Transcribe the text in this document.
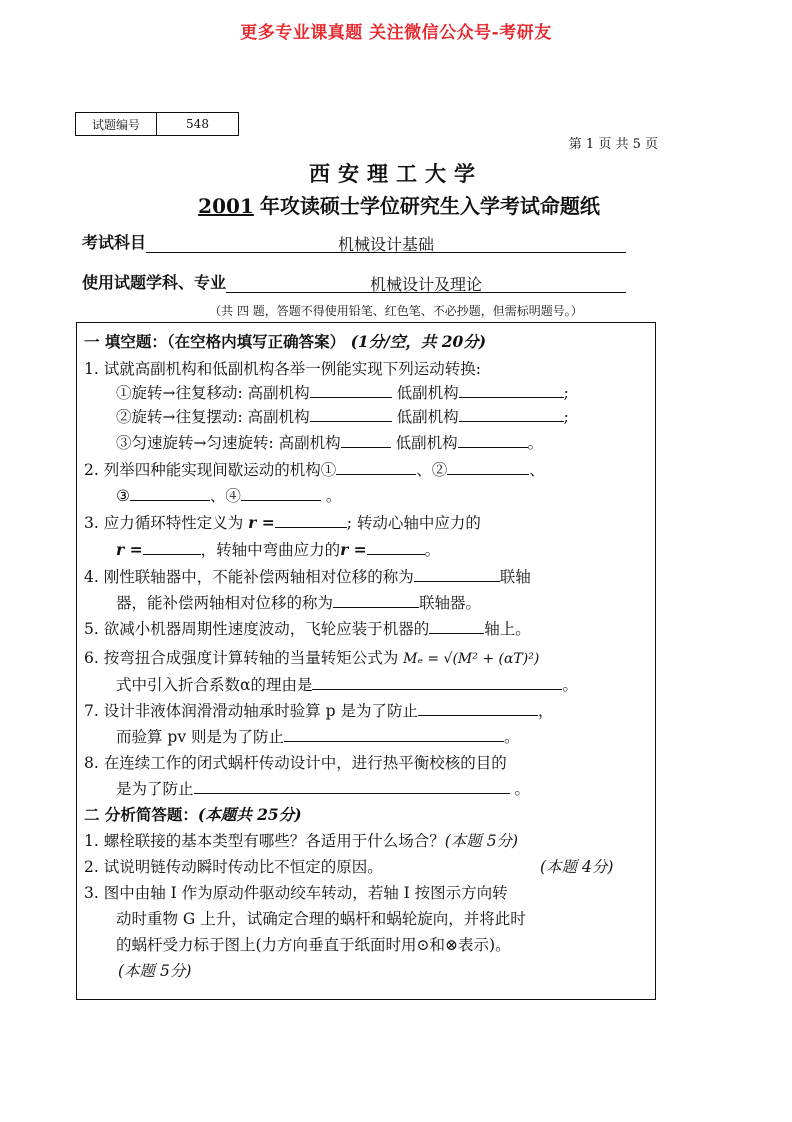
更多专业课真题 关注微信公众号-考研友
试题编号	548
第 1 页 共 5 页
西安理工大学
2001 年攻读硕士学位研究生入学考试命题纸
考试科目	机械设计基础
使用试题学科、专业	机械设计及理论
（共 四 题，答题不得使用铅笔、红色笔、不必抄题，但需标明题号。）
一 填空题：（在空格内填写正确答案） (1分/空，共 20分)
1. 试就高副机构和低副机构各举一例能实现下列运动转换:
①旋转→往复移动: 高副机构	低副机构	;
②旋转→往复摆动: 高副机构	低副机构	;
③匀速旋转→匀速旋转: 高副机构	低副机构	。
2. 列举四种能实现间歇运动的机构①	、②	、
③	、④	。
3. 应力循环特性定义为 r =	; 转动心轴中应力的
r =	，转轴中弯曲应力的r =	。
4. 刚性联轴器中，不能补偿两轴相对位移的称为	联轴
器，能补偿两轴相对位移的称为	联轴器。
5. 欲减小机器周期性速度波动，飞轮应装于机器的	轴上。
6. 按弯扭合成强度计算转轴的当量转矩公式为 Mₑ = √(M² + (αT)²)
式中引入折合系数α的理由是	。
7. 设计非液体润滑滑动轴承时验算 p 是为了防止	，
而验算 pv 则是为了防止	。
8. 在连续工作的闭式蜗杆传动设计中，进行热平衡校核的目的
是为了防止	。
二 分析简答题：(本题共 25分)
1. 螺栓联接的基本类型有哪些？各适用于什么场合？(本题 5分)
2. 试说明链传动瞬时传动比不恒定的原因。	(本题 4分)
3. 图中由轴 I 作为原动件驱动绞车转动，若轴 I 按图示方向转
动时重物 G 上升，试确定合理的蜗杆和蜗轮旋向，并将此时
的蜗杆受力标于图上(力方向垂直于纸面时用⊙和⊗表示)。
(本题 5分)
